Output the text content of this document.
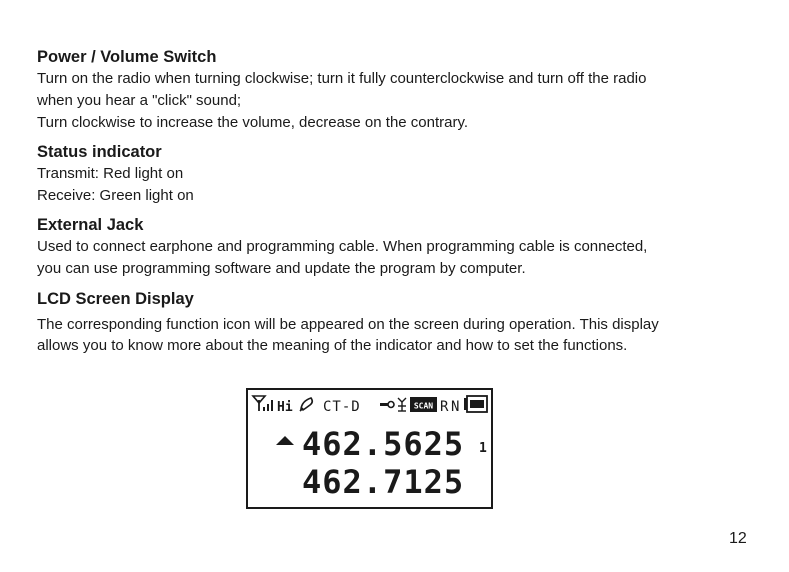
Power / Volume Switch

Turn on the radio when turning clockwise; turn it fully counterclockwise and turn off the radio

when you hear a "click" sound;

Turn clockwise to increase the volume, decrease on the contrary.

Status indicator

Transmit: Red light on

Receive: Green light on

External Jack

Used to connect earphone and programming cable. When programming cable is connected,

you can use programming software and update the program by computer.

LCD Screen Display

The corresponding function icon will be appeared on the screen during operation. This display

allows you to know more about the meaning of the indicator and how to set the functions.

Hi CT-D	SCAN R N
462.5625 1
462.7125
12
